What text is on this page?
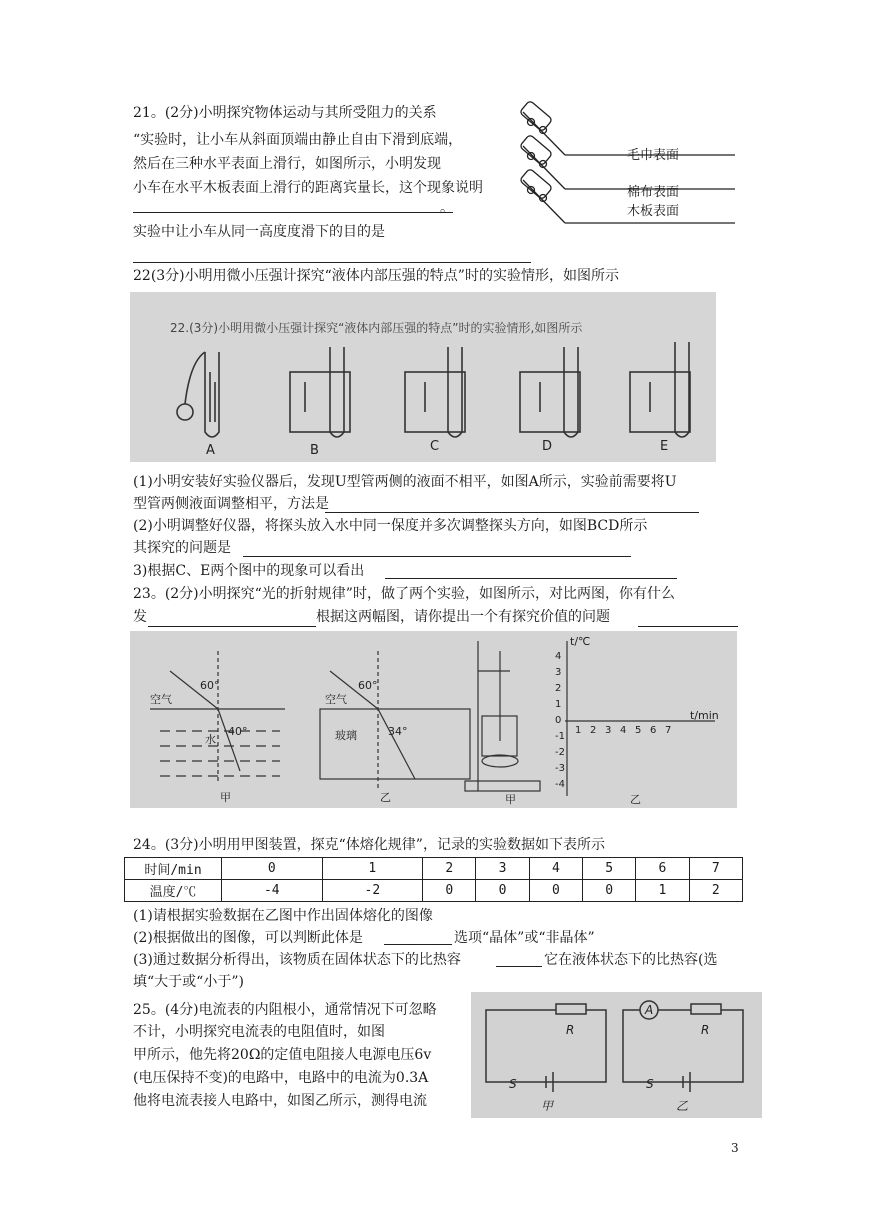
21。(2分)小明探究物体运动与其所受阻力的关系
“实验时，让小车从斜面顶端由静止自由下滑到底端，
然后在三种水平表面上滑行，如图所示，小明发现
小车在水平木板表面上滑行的距离宾量长，这个现象说明
。
实验中让小车从同一高度度滑下的目的是
毛巾表面
棉布表面
木板表面
22(3分)小明用微小压强计探究“液体内部压强的特点”时的实验情形，如图所示
22.(3分)小明用微小压强计探究“液体内部压强的特点”时的实验情形,如图所示
A	B	C	D	E
(1)小明安装好实验仪器后，发现U型管两侧的液面不相平，如图A所示，实验前需要将U
型管两侧液面调整相平，方法是
(2)小明调整好仪器，将探头放入水中同一保度并多次调整探头方向，如图BCD所示
其探究的问题是
3)根据C、E两个图中的现象可以看出
23。(2分)小明探究“光的折射规律”时，做了两个实验，如图所示，对比两图，你有什么
发	根据这两幅图，请你提出一个有探究价值的问题
60°	60°
空气	空气
水
40°	玻璃	34°
甲	乙	甲	乙
t/℃
t/min
1 2 3 4 5 6 7
4
3
2
1
0
-1
-2
-3
-4
24。(3分)小明用甲图装置，探克“体熔化规律”，记录的实验数据如下表所示
时间/min	0	1	2	3	4	5	6	7
温度/℃	-4	-2	0	0	0	0	1	2
(1)请根据实验数据在乙图中作出固体熔化的图像
(2)根据做出的图像，可以判断此体是	选项“晶体”或“非晶体”
(3)通过数据分析得出，该物质在固体状态下的比热容	它在液体状态下的比热容(选
填“大于或“小于”)
25。(4分)电流表的内阻根小，通常情况下可忽略
不计，小明探究电流表的电阻值时，如图
甲所示，他先将20Ω的定值电阻接人电源电压6v
(电压保持不变)的电路中，电路中的电流为0.3A
他将电流表接人电路中，如图乙所示，测得电流
R	R
A
S	S
甲	乙
3
